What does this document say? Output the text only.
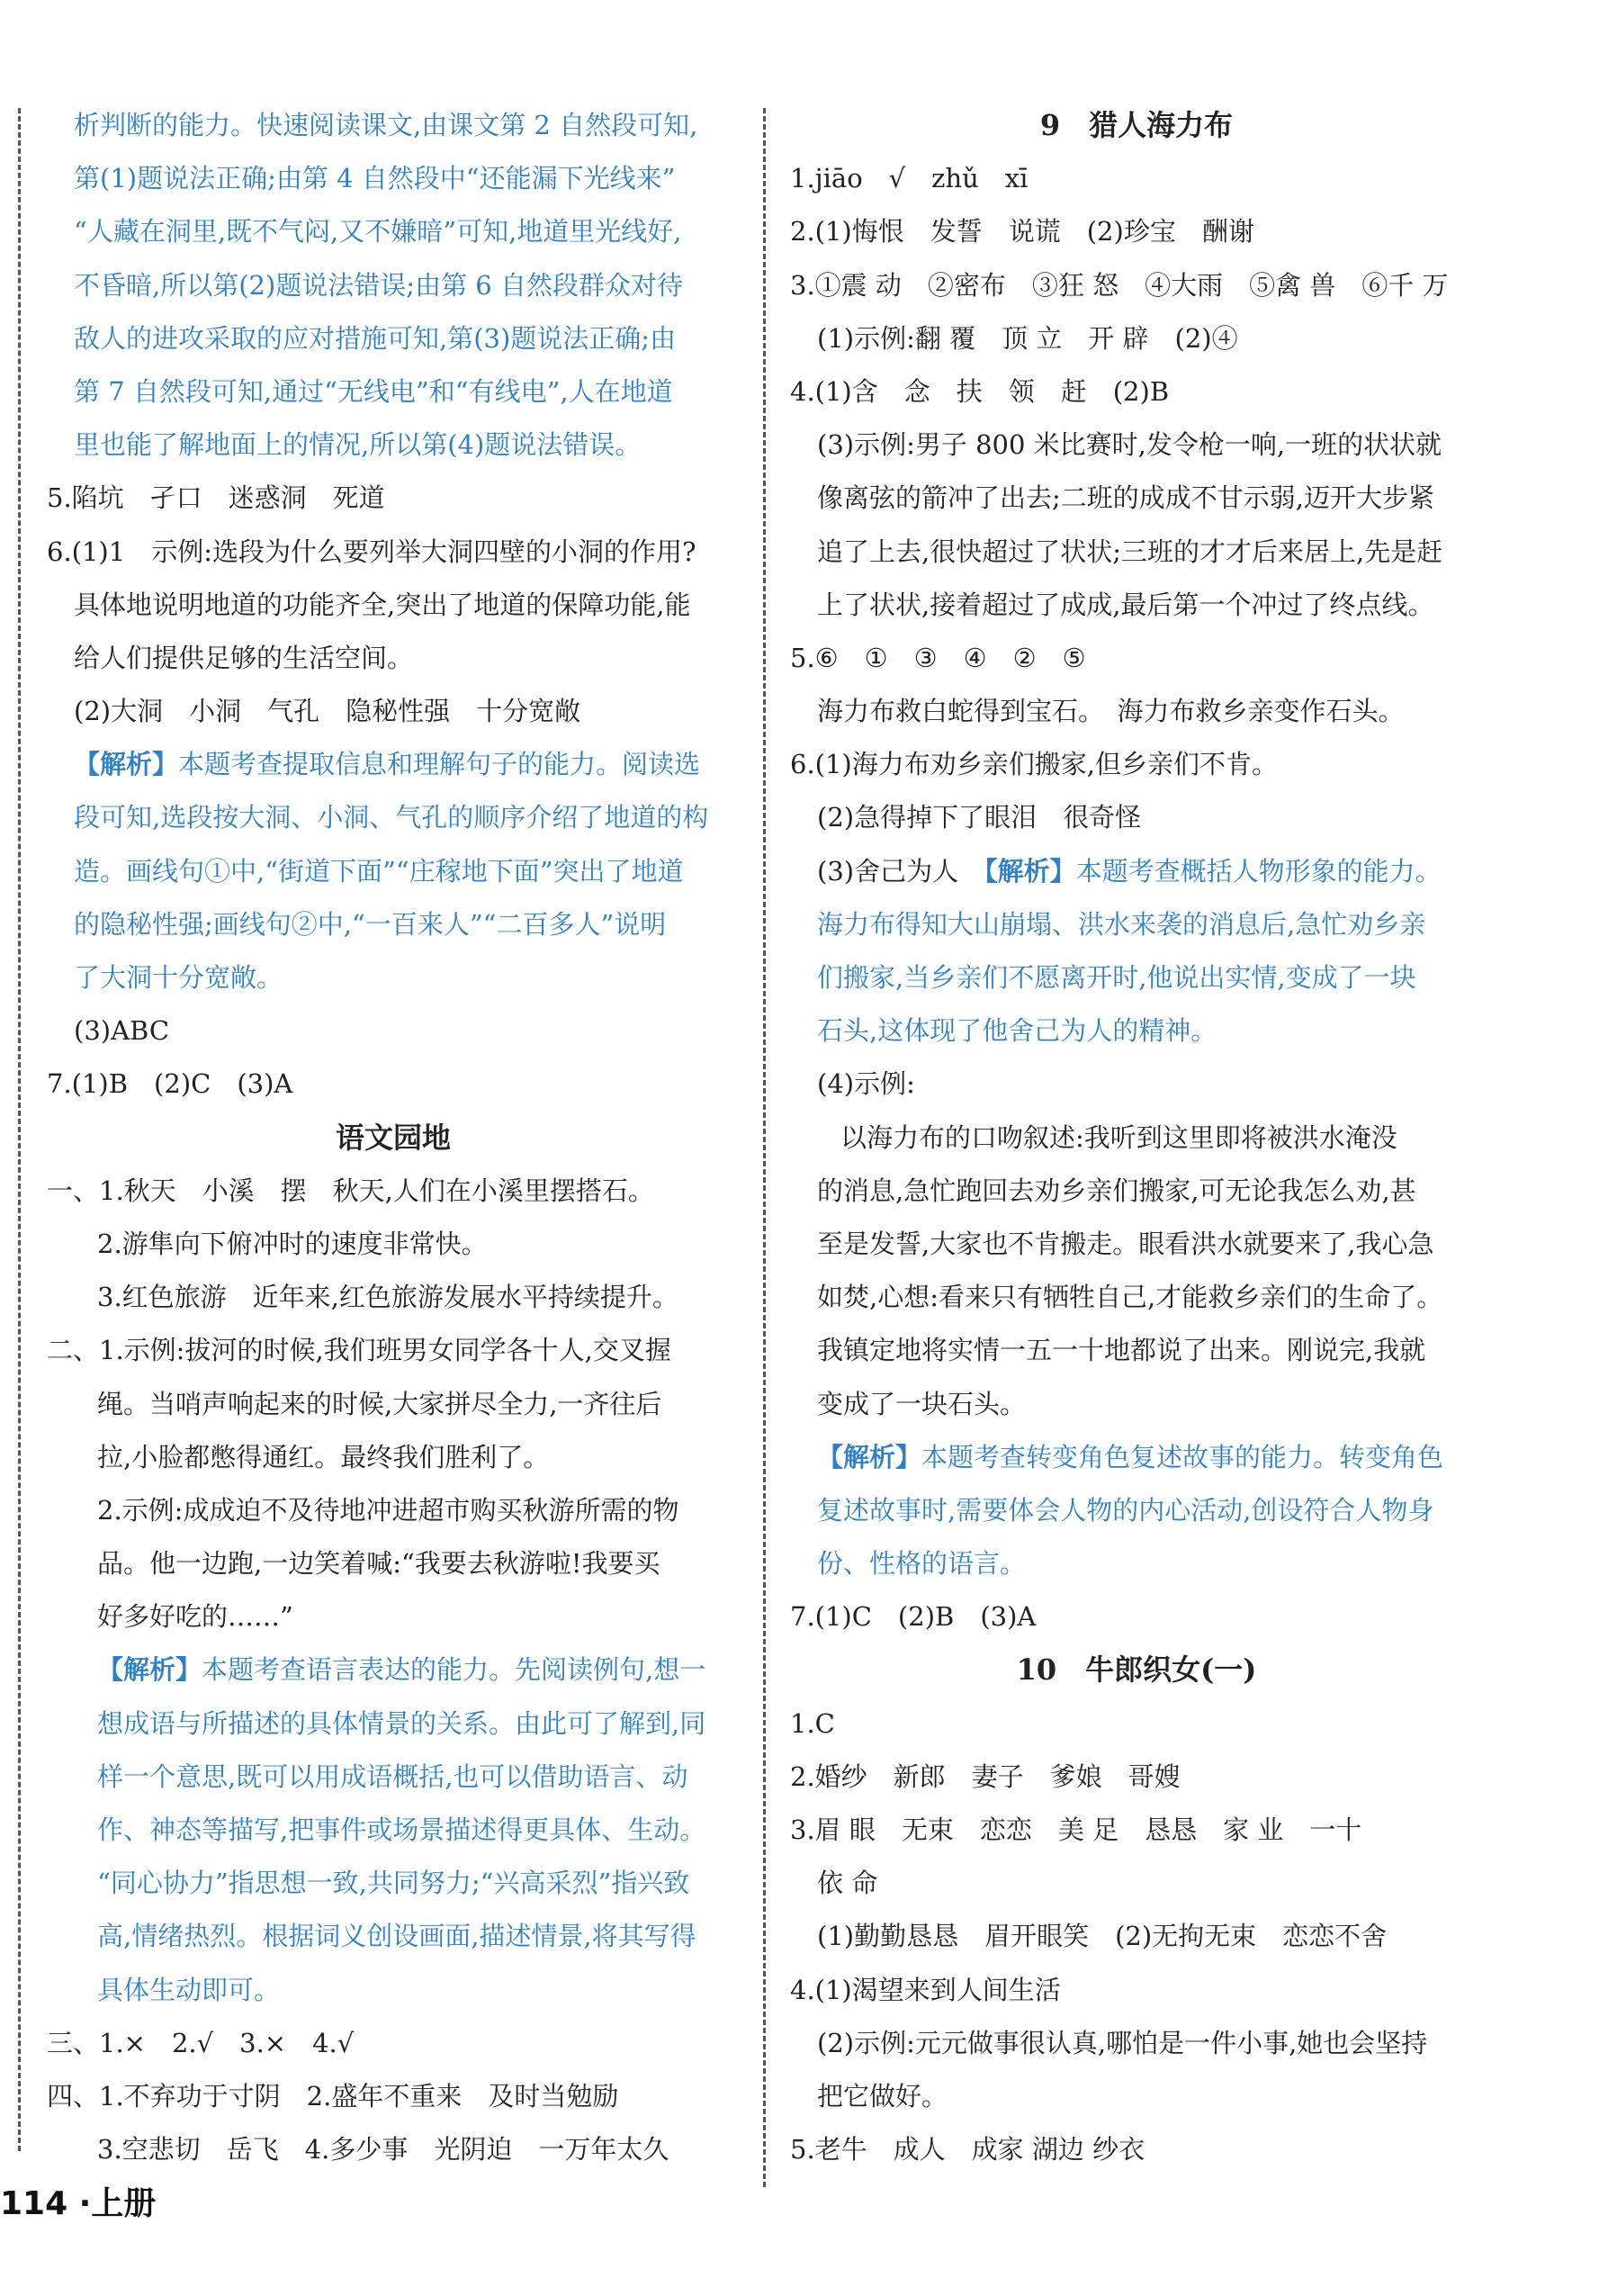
析判断的能力。快速阅读课文,由课文第 2 自然段可知,
第(1)题说法正确;由第 4 自然段中“还能漏下光线来”
“人藏在洞里,既不气闷,又不嫌暗”可知,地道里光线好,
不昏暗,所以第(2)题说法错误;由第 6 自然段群众对待
敌人的进攻采取的应对措施可知,第(3)题说法正确;由
第 7 自然段可知,通过“无线电”和“有线电”,人在地道
里也能了解地面上的情况,所以第(4)题说法错误。
5.陷坑　孑口　迷惑洞　死道
6.(1)1　示例:选段为什么要列举大洞四壁的小洞的作用?
具体地说明地道的功能齐全,突出了地道的保障功能,能
给人们提供足够的生活空间。
(2)大洞　小洞　气孔　隐秘性强　十分宽敞
【解析】本题考查提取信息和理解句子的能力。阅读选
段可知,选段按大洞、小洞、气孔的顺序介绍了地道的构
造。画线句①中,“街道下面”“庄稼地下面”突出了地道
的隐秘性强;画线句②中,“一百来人”“二百多人”说明
了大洞十分宽敞。
(3)ABC
7.(1)B　(2)C　(3)A
语文园地
一、1.秋天　小溪　摆　秋天,人们在小溪里摆搭石。
2.游隼向下俯冲时的速度非常快。
3.红色旅游　近年来,红色旅游发展水平持续提升。
二、1.示例:拔河的时候,我们班男女同学各十人,交叉握
绳。当哨声响起来的时候,大家拼尽全力,一齐往后
拉,小脸都憋得通红。最终我们胜利了。
2.示例:成成迫不及待地冲进超市购买秋游所需的物
品。他一边跑,一边笑着喊:“我要去秋游啦!我要买
好多好吃的……”
【解析】本题考查语言表达的能力。先阅读例句,想一
想成语与所描述的具体情景的关系。由此可了解到,同
样一个意思,既可以用成语概括,也可以借助语言、动
作、神态等描写,把事件或场景描述得更具体、生动。
“同心协力”指思想一致,共同努力;“兴高采烈”指兴致
高,情绪热烈。根据词义创设画面,描述情景,将其写得
具体生动即可。
三、1.×　2.√　3.×　4.√
四、1.不弃功于寸阴　2.盛年不重来　及时当勉励
3.空悲切　岳飞　4.多少事　光阴迫　一万年太久
9　猎人海力布
1.jiāo　√　zhǔ　xī
2.(1)悔恨　发誓　说谎　(2)珍宝　酬谢
3.①震 动　②密布　③狂 怒　④大雨　⑤禽 兽　⑥千 万
(1)示例:翻 覆　顶 立　开 辟　(2)④
4.(1)含　念　扶　领　赶　(2)B
(3)示例:男子 800 米比赛时,发令枪一响,一班的状状就
像离弦的箭冲了出去;二班的成成不甘示弱,迈开大步紧
追了上去,很快超过了状状;三班的才才后来居上,先是赶
上了状状,接着超过了成成,最后第一个冲过了终点线。
5.⑥　①　③　④　②　⑤
海力布救白蛇得到宝石。　海力布救乡亲变作石头。
6.(1)海力布劝乡亲们搬家,但乡亲们不肯。
(2)急得掉下了眼泪　很奇怪
(3)舍己为人　【解析】本题考查概括人物形象的能力。
海力布得知大山崩塌、洪水来袭的消息后,急忙劝乡亲
们搬家,当乡亲们不愿离开时,他说出实情,变成了一块
石头,这体现了他舍己为人的精神。
(4)示例:
以海力布的口吻叙述:我听到这里即将被洪水淹没
的消息,急忙跑回去劝乡亲们搬家,可无论我怎么劝,甚
至是发誓,大家也不肯搬走。眼看洪水就要来了,我心急
如焚,心想:看来只有牺牲自己,才能救乡亲们的生命了。
我镇定地将实情一五一十地都说了出来。刚说完,我就
变成了一块石头。
【解析】本题考查转变角色复述故事的能力。转变角色
复述故事时,需要体会人物的内心活动,创设符合人物身
份、性格的语言。
7.(1)C　(2)B　(3)A
10　牛郎织女(一)
1.C
2.婚纱　新郎　妻子　爹娘　哥嫂
3.眉 眼　无束　恋恋　美 足　恳恳　家 业　一十
依 命
(1)勤勤恳恳　眉开眼笑　(2)无拘无束　恋恋不舍
4.(1)渴望来到人间生活
(2)示例:元元做事很认真,哪怕是一件小事,她也会坚持
把它做好。
5.老牛　成人　成家 湖边 纱衣
114 ·上册
